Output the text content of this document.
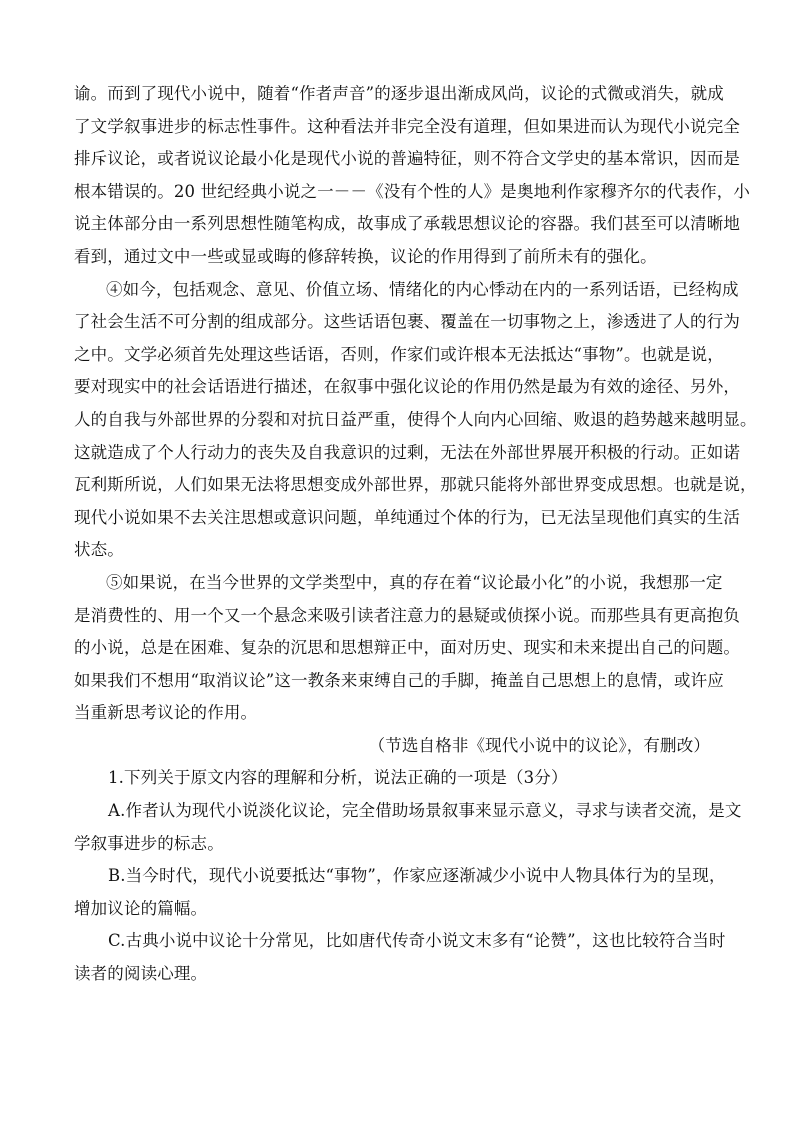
谕。而到了现代小说中，随着“作者声音”的逐步退出渐成风尚，议论的式微或消失，就成
了文学叙事进步的标志性事件。这种看法并非完全没有道理，但如果进而认为现代小说完全
排斥议论，或者说议论最小化是现代小说的普遍特征，则不符合文学史的基本常识，因而是
根本错误的。20 世纪经典小说之一－－《没有个性的人》是奥地利作家穆齐尔的代表作，小
说主体部分由一系列思想性随笔构成，故事成了承载思想议论的容器。我们甚至可以清晰地
看到，通过文中一些或显或晦的修辞转换，议论的作用得到了前所未有的强化。
④如今，包括观念、意见、价值立场、情绪化的内心悸动在内的一系列话语，已经构成
了社会生活不可分割的组成部分。这些话语包裹、覆盖在一切事物之上，渗透进了人的行为
之中。文学必须首先处理这些话语，否则，作家们或许根本无法抵达“事物”。也就是说，
要对现实中的社会话语进行描述，在叙事中强化议论的作用仍然是最为有效的途径、另外，
人的自我与外部世界的分裂和对抗日益严重，使得个人向内心回缩、败退的趋势越来越明显。
这就造成了个人行动力的丧失及自我意识的过剩，无法在外部世界展开积极的行动。正如诺
瓦利斯所说，人们如果无法将思想变成外部世界，那就只能将外部世界变成思想。也就是说，
现代小说如果不去关注思想或意识问题，单纯通过个体的行为，已无法呈现他们真实的生活
状态。
⑤如果说，在当今世界的文学类型中，真的存在着“议论最小化”的小说，我想那一定
是消费性的、用一个又一个悬念来吸引读者注意力的悬疑或侦探小说。而那些具有更高抱负
的小说，总是在困难、复杂的沉思和思想辩正中，面对历史、现实和未来提出自己的问题。
如果我们不想用“取消议论”这一教条来束缚自己的手脚，掩盖自己思想上的息情，或许应
当重新思考议论的作用。
（节选自格非《现代小说中的议论》，有删改）
1.下列关于原文内容的理解和分析，说法正确的一项是（3分）
A.作者认为现代小说淡化议论，完全借助场景叙事来显示意义，寻求与读者交流，是文
学叙事进步的标志。
B.当今时代，现代小说要抵达“事物”，作家应逐渐减少小说中人物具体行为的呈现，
增加议论的篇幅。
C.古典小说中议论十分常见，比如唐代传奇小说文末多有“论赞”，这也比较符合当时
读者的阅读心理。
